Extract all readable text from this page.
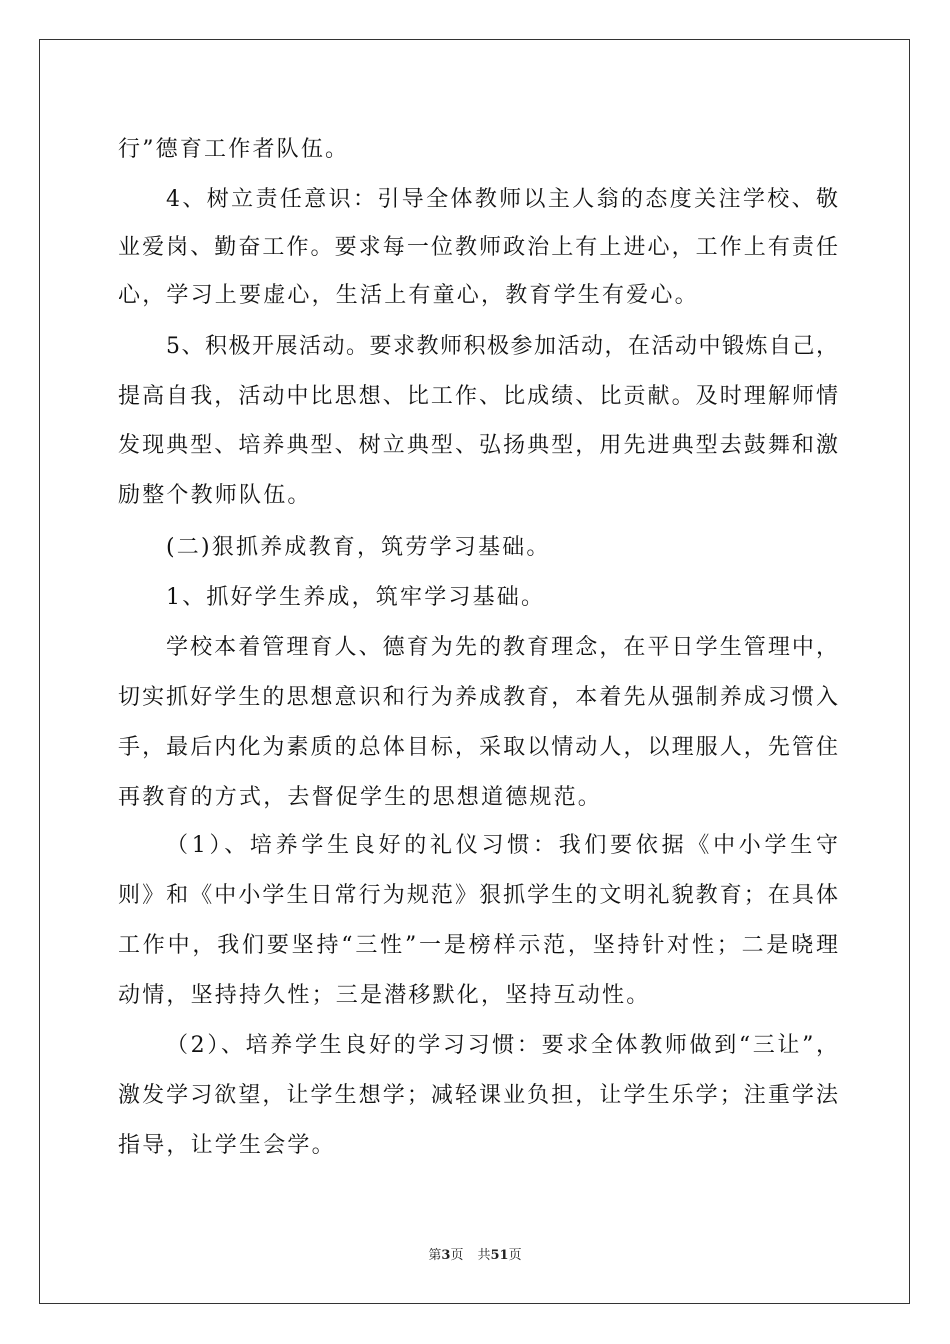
行”德育工作者队伍。
4、树立责任意识：引导全体教师以主人翁的态度关注学校、敬
业爱岗、勤奋工作。要求每一位教师政治上有上进心，工作上有责任
心，学习上要虚心，生活上有童心，教育学生有爱心。
5、积极开展活动。要求教师积极参加活动，在活动中锻炼自己，
提高自我，活动中比思想、比工作、比成绩、比贡献。及时理解师情
发现典型、培养典型、树立典型、弘扬典型，用先进典型去鼓舞和激
励整个教师队伍。
(二)狠抓养成教育，筑劳学习基础。
1、抓好学生养成，筑牢学习基础。
学校本着管理育人、德育为先的教育理念，在平日学生管理中，
切实抓好学生的思想意识和行为养成教育，本着先从强制养成习惯入
手，最后内化为素质的总体目标，采取以情动人，以理服人，先管住
再教育的方式，去督促学生的思想道德规范。
（1）、培养学生良好的礼仪习惯：我们要依据《中小学生守
则》和《中小学生日常行为规范》狠抓学生的文明礼貌教育；在具体
工作中，我们要坚持“三性”一是榜样示范，坚持针对性；二是晓理
动情，坚持持久性；三是潜移默化，坚持互动性。
（2）、培养学生良好的学习习惯：要求全体教师做到“三让”，
激发学习欲望，让学生想学；减轻课业负担，让学生乐学；注重学法
指导，让学生会学。
第3页 共51页
